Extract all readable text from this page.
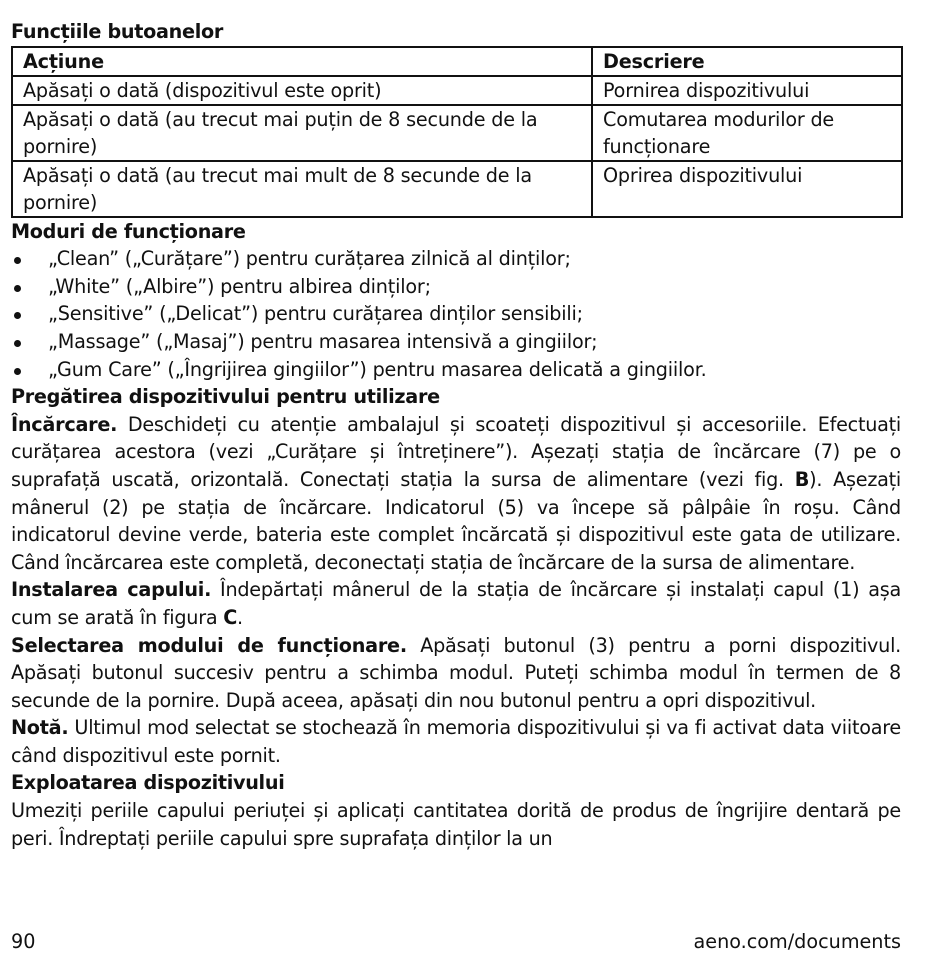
Funcțiile butoanelor
Acțiune	Descriere
Apăsați o dată (dispozitivul este oprit)	Pornirea dispozitivului
Apăsați o dată (au trecut mai puțin de 8 secunde de la pornire)	Comutarea modurilor de funcționare
Apăsați o dată (au trecut mai mult de 8 secunde de la pornire)	Oprirea dispozitivului
Moduri de funcționare
„Clean” („Curățare”) pentru curățarea zilnică al dinților;
„White” („Albire”) pentru albirea dinților;
„Sensitive” („Delicat”) pentru curățarea dinților sensibili;
„Massage” („Masaj”) pentru masarea intensivă a gingiilor;
„Gum Care” („Îngrijirea gingiilor”) pentru masarea delicată a gingiilor.
Pregătirea dispozitivului pentru utilizare

Încărcare. Deschideți cu atenție ambalajul și scoateți dispozitivul și accesoriile. Efectuați curățarea acestora (vezi „Curățare și întreținere”). Așezați stația de încărcare (7) pe o suprafață uscată, orizontală. Conectați stația la sursa de alimentare (vezi fig. B). Așezați mânerul (2) pe stația de încărcare. Indicatorul (5) va începe să pâlpâie în roșu. Când indicatorul devine verde, bateria este complet încărcată și dispozitivul este gata de utilizare. Când încărcarea este completă, deconectați stația de încărcare de la sursa de alimentare.

Instalarea capului. Îndepărtați mânerul de la stația de încărcare și instalați capul (1) așa cum se arată în figura C.

Selectarea modului de funcționare. Apăsați butonul (3) pentru a porni dispozitivul. Apăsați butonul succesiv pentru a schimba modul. Puteți schimba modul în termen de 8 secunde de la pornire. După aceea, apăsați din nou butonul pentru a opri dispozitivul.

Notă. Ultimul mod selectat se stochează în memoria dispozitivului și va fi activat data viitoare când dispozitivul este pornit.

Exploatarea dispozitivului

Umeziți periile capului periuței și aplicați cantitatea dorită de produs de îngrijire dentară pe peri. Îndreptați periile capului spre suprafața dinților la un

90	aeno.com/documents
